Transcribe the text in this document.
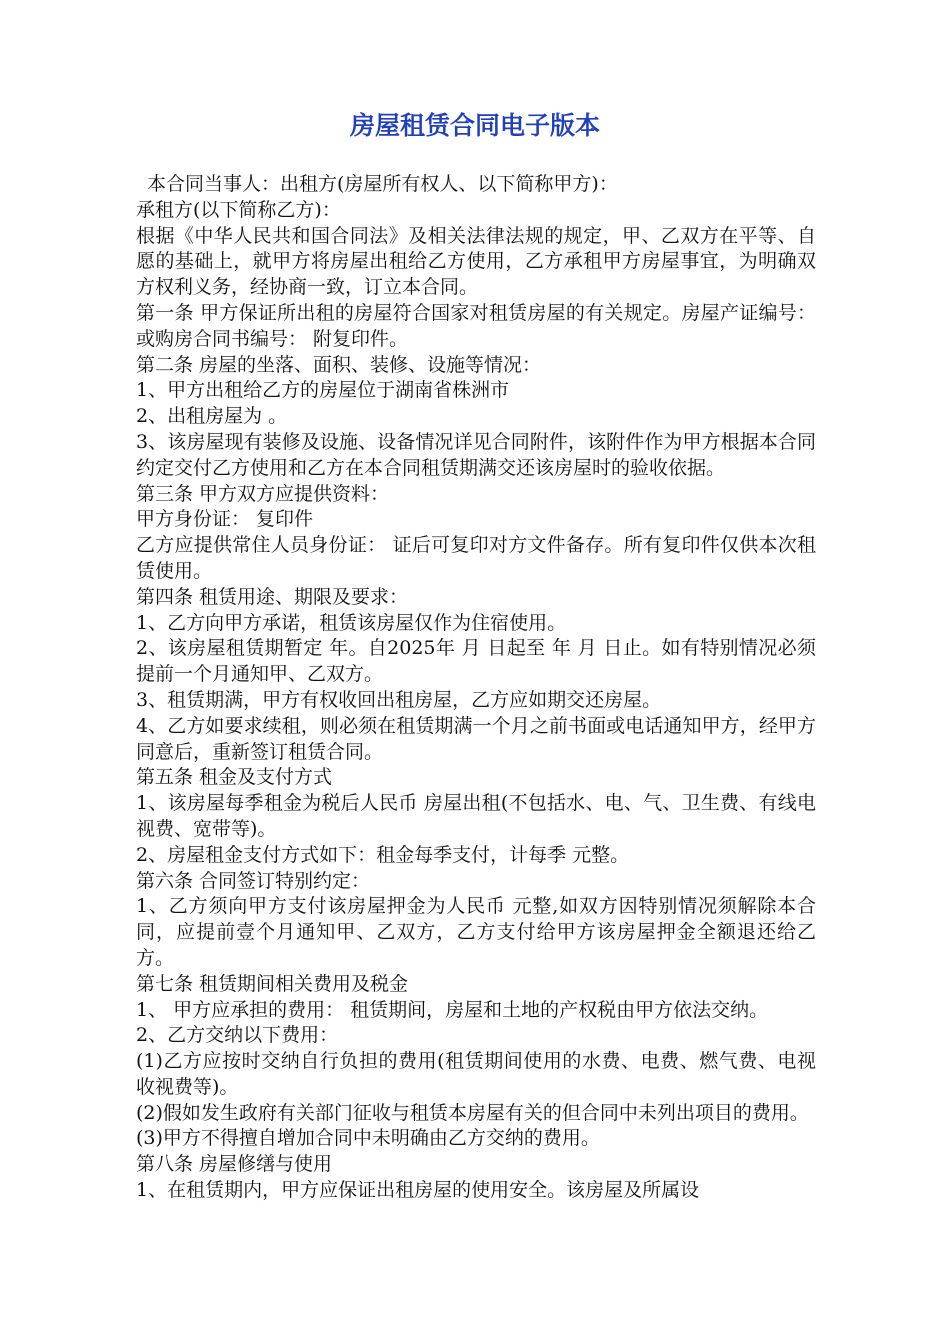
房屋租赁合同电子版本

本合同当事人：出租方(房屋所有权人、以下简称甲方)：

承租方(以下简称乙方)：

根据《中华人民共和国合同法》及相关法律法规的规定，甲、乙双方在平等、自愿的基础上，就甲方将房屋出租给乙方使用，乙方承租甲方房屋事宜，为明确双方权利义务，经协商一致，订立本合同。

第一条 甲方保证所出租的房屋符合国家对租赁房屋的有关规定。房屋产证编号： 或购房合同书编号： 附复印件。

第二条 房屋的坐落、面积、装修、设施等情况：

1、甲方出租给乙方的房屋位于湖南省株洲市

2、出租房屋为 。

3、该房屋现有装修及设施、设备情况详见合同附件，该附件作为甲方根据本合同约定交付乙方使用和乙方在本合同租赁期满交还该房屋时的验收依据。

第三条 甲方双方应提供资料：

甲方身份证： 复印件

乙方应提供常住人员身份证： 证后可复印对方文件备存。所有复印件仅供本次租赁使用。

第四条 租赁用途、期限及要求：

1、乙方向甲方承诺，租赁该房屋仅作为住宿使用。

2、该房屋租赁期暂定 年。自2025年 月 日起至 年 月 日止。如有特别情况必须提前一个月通知甲、乙双方。

3、租赁期满，甲方有权收回出租房屋，乙方应如期交还房屋。

4、乙方如要求续租，则必须在租赁期满一个月之前书面或电话通知甲方，经甲方同意后，重新签订租赁合同。

第五条 租金及支付方式

1、该房屋每季租金为税后人民币 房屋出租(不包括水、电、气、卫生费、有线电视费、宽带等)。

2、房屋租金支付方式如下：租金每季支付，计每季 元整。

第六条 合同签订特别约定：

1、乙方须向甲方支付该房屋押金为人民币 元整,如双方因特别情况须解除本合同，应提前壹个月通知甲、乙双方，乙方支付给甲方该房屋押金全额退还给乙方。

第七条 租赁期间相关费用及税金

1、 甲方应承担的费用： 租赁期间，房屋和土地的产权税由甲方依法交纳。

2、乙方交纳以下费用：

(1)乙方应按时交纳自行负担的费用(租赁期间使用的水费、电费、燃气费、电视收视费等)。

(2)假如发生政府有关部门征收与租赁本房屋有关的但合同中未列出项目的费用。

(3)甲方不得擅自增加合同中未明确由乙方交纳的费用。

第八条 房屋修缮与使用

1、在租赁期内，甲方应保证出租房屋的使用安全。该房屋及所属设
